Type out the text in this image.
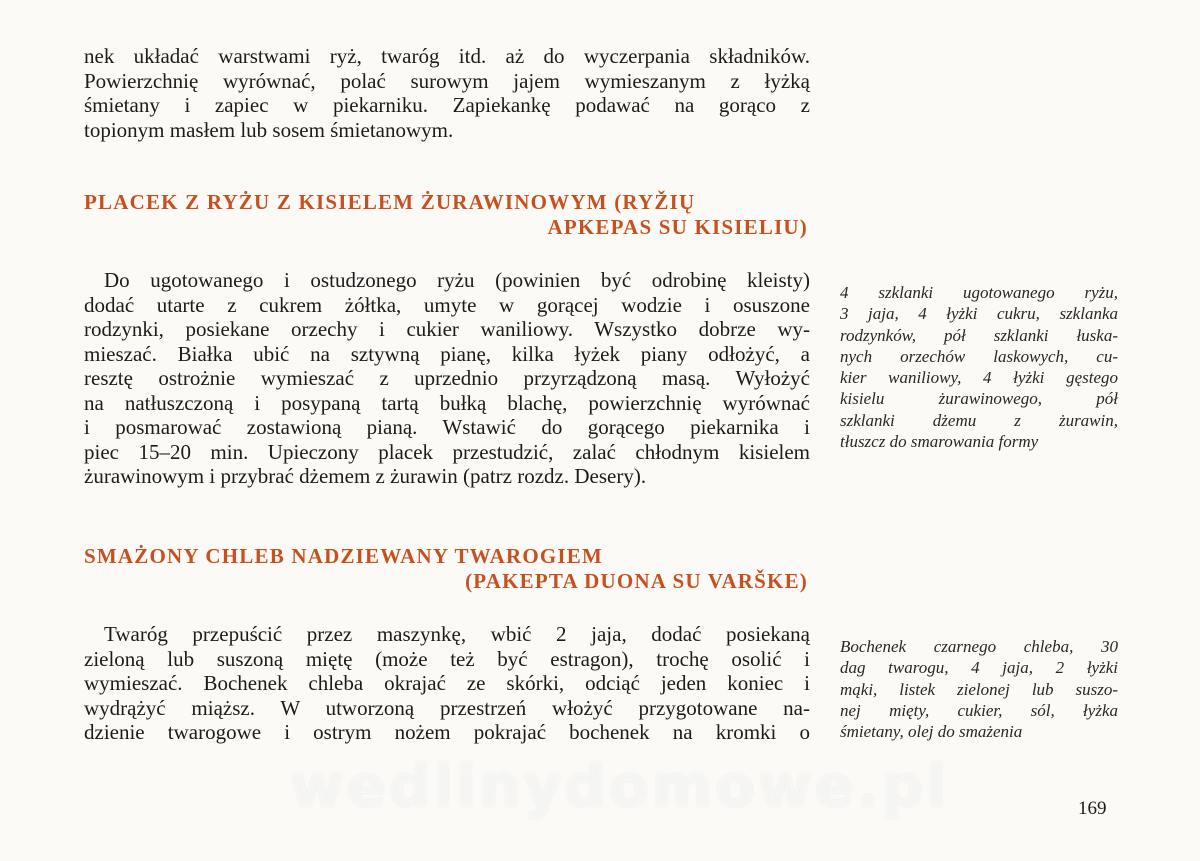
nek układać warstwami ryż, twaróg itd. aż do wyczerpania składników.
Powierzchnię wyrównać, polać surowym jajem wymieszanym z łyżką
śmietany i zapiec w piekarniku. Zapiekankę podawać na gorąco z
topionym masłem lub sosem śmietanowym.

PLACEK Z RYŻU Z KISIELEM ŻURAWINOWYM (RYŽIŲ
APKEPAS SU KISIELIU)

Do ugotowanego i ostudzonego ryżu (powinien być odrobinę kleisty)
dodać utarte z cukrem żółtka, umyte w gorącej wodzie i osuszone
rodzynki, posiekane orzechy i cukier waniliowy. Wszystko dobrze wy-
mieszać. Białka ubić na sztywną pianę, kilka łyżek piany odłożyć, a
resztę ostrożnie wymieszać z uprzednio przyrządzoną masą. Wyłożyć
na natłuszczoną i posypaną tartą bułką blachę, powierzchnię wyrównać
i posmarować zostawioną pianą. Wstawić do gorącego piekarnika i
piec 15–20 min. Upieczony placek przestudzić, zalać chłodnym kisielem
żurawinowym i przybrać dżemem z żurawin (patrz rozdz. Desery).

4 szklanki ugotowanego ryżu,
3 jaja, 4 łyżki cukru, szklanka
rodzynków, pół szklanki łuska-
nych orzechów laskowych, cu-
kier waniliowy, 4 łyżki gęstego
kisielu żurawinowego, pół
szklanki dżemu z żurawin,
tłuszcz do smarowania formy

SMAŻONY CHLEB NADZIEWANY TWAROGIEM
(PAKEPTA DUONA SU VARŠKE)

Twaróg przepuścić przez maszynkę, wbić 2 jaja, dodać posiekaną
zieloną lub suszoną miętę (może też być estragon), trochę osolić i
wymieszać. Bochenek chleba okrajać ze skórki, odciąć jeden koniec i
wydrążyć miąższ. W utworzoną przestrzeń włożyć przygotowane na-
dzienie twarogowe i ostrym nożem pokrajać bochenek na kromki o

Bochenek czarnego chleba, 30
dag twarogu, 4 jaja, 2 łyżki
mąki, listek zielonej lub suszo-
nej mięty, cukier, sól, łyżka
śmietany, olej do smażenia

wedlinydomowe.pl	169
